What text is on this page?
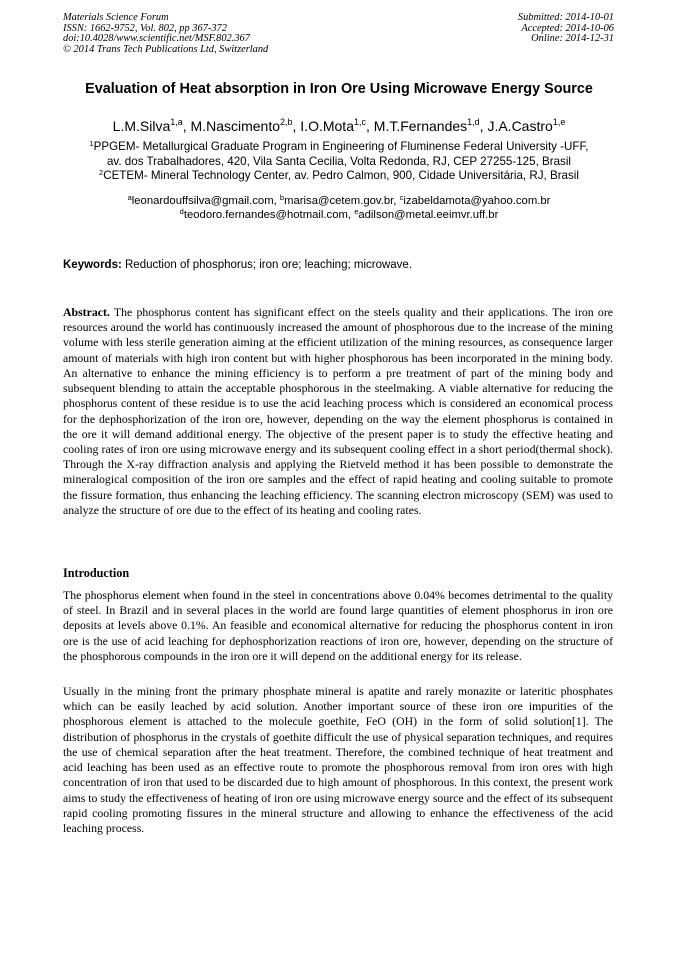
Materials Science Forum
ISSN: 1662-9752, Vol. 802, pp 367-372
doi:10.4028/www.scientific.net/MSF.802.367
© 2014 Trans Tech Publications Ltd, Switzerland
Submitted: 2014-10-01
Accepted: 2014-10-06
Online: 2014-12-31
Evaluation of Heat absorption in Iron Ore Using Microwave Energy Source
L.M.Silva$^{1,a}$, M.Nascimento$^{2,b}$, I.O.Mota$^{1,c}$, M.T.Fernandes$^{1,d}$, J.A.Castro$^{1,e}$
$^1$PPGEM- Metallurgical Graduate Program in Engineering of Fluminense Federal University -UFF,
av. dos Trabalhadores, 420, Vila Santa Cecilia, Volta Redonda, RJ, CEP 27255-125, Brasil
$^2$CETEM- Mineral Technology Center, av. Pedro Calmon, 900, Cidade Universitária, RJ, Brasil
$^a$leonardouffsilva@gmail.com, $^b$marisa@cetem.gov.br, $^c$izabeldamota@yahoo.com.br
$^d$teodoro.fernandes@hotmail.com, $^e$adilson@metal.eeimvr.uff.br
Keywords: Reduction of phosphorus; iron ore; leaching; microwave.
Abstract. The phosphorus content has significant effect on the steels quality and their applications. The iron ore resources around the world has continuously increased the amount of phosphorous due to the increase of the mining volume with less sterile generation aiming at the efficient utilization of the mining resources, as consequence larger amount of materials with high iron content but with higher phosphorous has been incorporated in the mining body. An alternative to enhance the mining efficiency is to perform a pre treatment of part of the mining body and subsequent blending to attain the acceptable phosphorous in the steelmaking. A viable alternative for reducing the phosphorus content of these residue is to use the acid leaching process which is considered an economical process for the dephosphorization of the iron ore, however, depending on the way the element phosphorus is contained in the ore it will demand additional energy. The objective of the present paper is to study the effective heating and cooling rates of iron ore using microwave energy and its subsequent cooling effect in a short period(thermal shock). Through the X-ray diffraction analysis and applying the Rietveld method it has been possible to demonstrate the mineralogical composition of the iron ore samples and the effect of rapid heating and cooling suitable to promote the fissure formation, thus enhancing the leaching efficiency. The scanning electron microscopy (SEM) was used to analyze the structure of ore due to the effect of its heating and cooling rates.
Introduction
The phosphorus element when found in the steel in concentrations above 0.04% becomes detrimental to the quality of steel. In Brazil and in several places in the world are found large quantities of element phosphorus in iron ore deposits at levels above 0.1%. An feasible and economical alternative for reducing the phosphorus content in iron ore is the use of acid leaching for dephosphorization reactions of iron ore, however, depending on the structure of the phosphorous compounds in the iron ore it will depend on the additional energy for its release.
Usually in the mining front the primary phosphate mineral is apatite and rarely monazite or lateritic phosphates which can be easily leached by acid solution. Another important source of these iron ore impurities of the phosphorous element is attached to the molecule goethite, FeO (OH) in the form of solid solution[1]. The distribution of phosphorus in the crystals of goethite difficult the use of physical separation techniques, and requires the use of chemical separation after the heat treatment. Therefore, the combined technique of heat treatment and acid leaching has been used as an effective route to promote the phosphorous removal from iron ores with high concentration of iron that used to be discarded due to high amount of phosphorous. In this context, the present work aims to study the effectiveness of heating of iron ore using microwave energy source and the effect of its subsequent rapid cooling promoting fissures in the mineral structure and allowing to enhance the effectiveness of the acid leaching process.
